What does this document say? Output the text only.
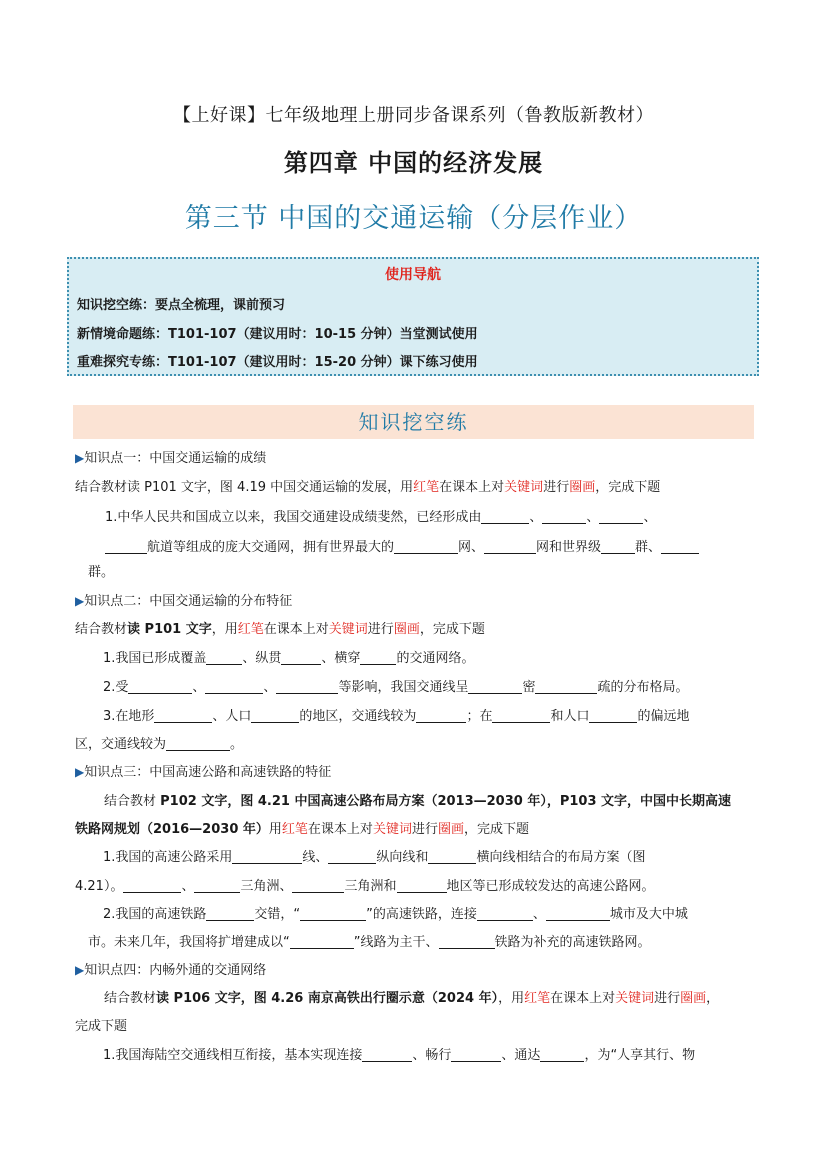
【上好课】七年级地理上册同步备课系列（鲁教版新教材）
第四章 中国的经济发展
第三节 中国的交通运输（分层作业）
使用导航
知识挖空练：要点全梳理，课前预习
新情境命题练：T101-107（建议用时：10-15 分钟）当堂测试使用
重难探究专练：T101-107（建议用时：15-20 分钟）课下练习使用
知识挖空练
▶知识点一：中国交通运输的成绩
结合教材读 P101 文字，图 4.19 中国交通运输的发展，用红笔在课本上对关键词进行圈画，完成下题
1.中华人民共和国成立以来，我国交通建设成绩斐然，已经形成由	、	、	、
航道等组成的庞大交通网，拥有世界最大的	网、	网和世界级	群、
群。
▶知识点二：中国交通运输的分布特征
结合教材读 P101 文字，用红笔在课本上对关键词进行圈画，完成下题
1.我国已形成覆盖	、纵贯	、横穿	的交通网络。
2.受	、	、	等影响，我国交通线呈	密	疏的分布格局。
3.在地形	、人口	的地区，交通线较为	；在	和人口	的偏远地
区，交通线较为	。
▶知识点三：中国高速公路和高速铁路的特征
结合教材 P102 文字，图 4.21 中国高速公路布局方案（2013—2030 年），P103 文字，中国中长期高速
铁路网规划（2016—2030 年）用红笔在课本上对关键词进行圈画，完成下题
1.我国的高速公路采用	线、	纵向线和	横向线相结合的布局方案（图
4.21）。	、	三角洲、	三角洲和	地区等已形成较发达的高速公路网。
2.我国的高速铁路	交错，“	”的高速铁路，连接	、	城市及大中城
市。未来几年，我国将扩增建成以“	”线路为主干、	铁路为补充的高速铁路网。
▶知识点四：内畅外通的交通网络
结合教材读 P106 文字，图 4.26 南京高铁出行圈示意（2024 年），用红笔在课本上对关键词进行圈画，
完成下题
1.我国海陆空交通线相互衔接，基本实现连接	、畅行	、通达	，为“人享其行、物
